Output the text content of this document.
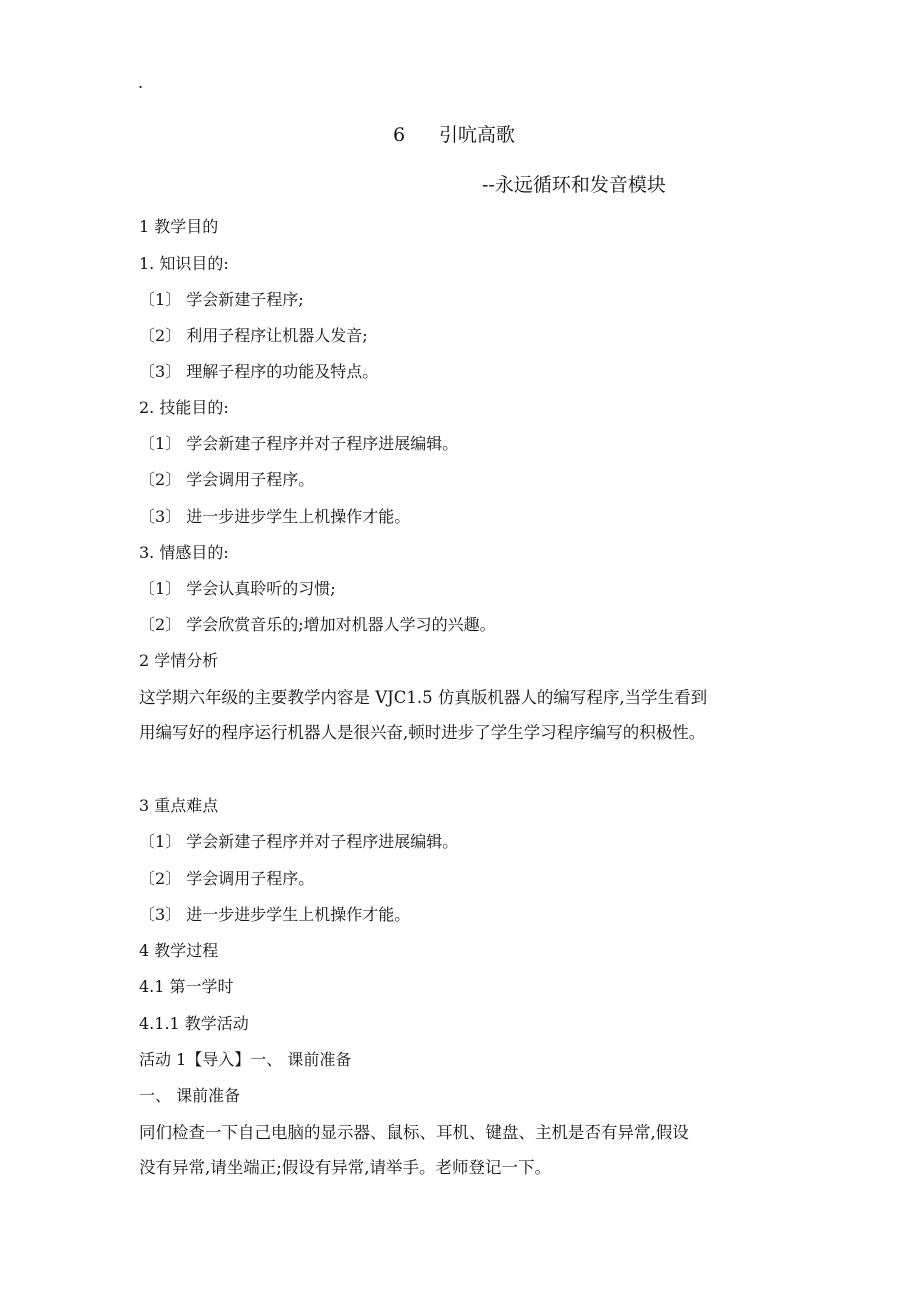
.
6 引吭高歌
--永远循环和发音模块
1 教学目的
1. 知识目的:
〔1〕 学会新建子程序;
〔2〕 利用子程序让机器人发音;
〔3〕 理解子程序的功能及特点。
2. 技能目的:
〔1〕 学会新建子程序并对子程序进展编辑。
〔2〕 学会调用子程序。
〔3〕 进一步进步学生上机操作才能。
3. 情感目的:
〔1〕 学会认真聆听的习惯;
〔2〕 学会欣赏音乐的;增加对机器人学习的兴趣。
2 学情分析
这学期六年级的主要教学内容是 VJC1.5 仿真版机器人的编写程序,当学生看到
用编写好的程序运行机器人是很兴奋,顿时进步了学生学习程序编写的积极性。
3 重点难点
〔1〕 学会新建子程序并对子程序进展编辑。
〔2〕 学会调用子程序。
〔3〕 进一步进步学生上机操作才能。
4 教学过程
4.1 第一学时
4.1.1 教学活动
活动 1【导入】一、 课前准备
一、 课前准备
同们检查一下自己电脑的显示器、鼠标、耳机、键盘、主机是否有异常,假设
没有异常,请坐端正;假设有异常,请举手。老师登记一下。
